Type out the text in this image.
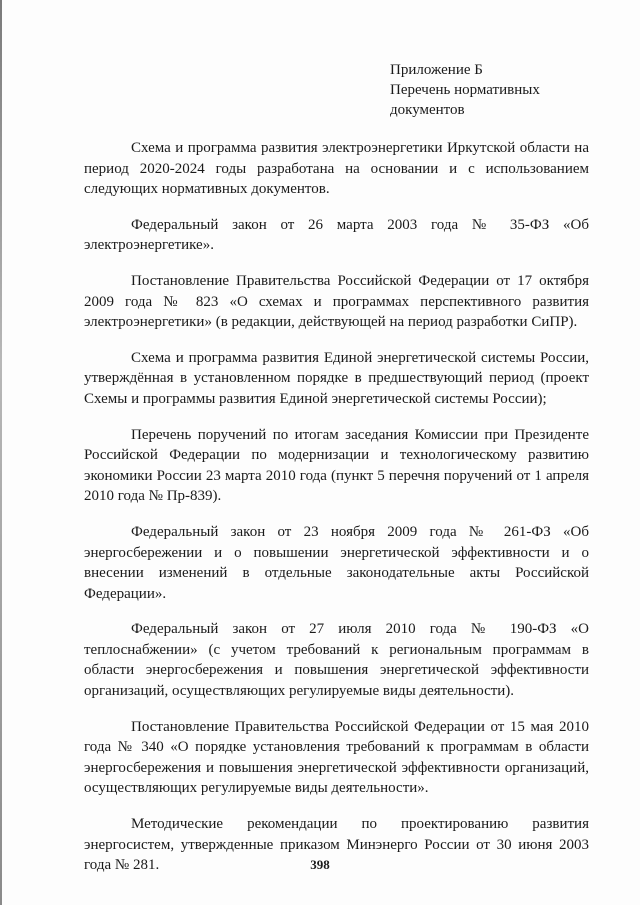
Приложение Б
Перечень нормативных
документов

Схема и программа развития электроэнергетики Иркутской области на период 2020-2024 годы разработана на основании и с использованием следующих нормативных документов.

Федеральный закон от 26 марта 2003 года № 35-ФЗ «Об электроэнергетике».

Постановление Правительства Российской Федерации от 17 октября 2009 года № 823 «О схемах и программах перспективного развития электроэнергетики» (в редакции, действующей на период разработки СиПР).

Схема и программа развития Единой энергетической системы России, утверждённая в установленном порядке в предшествующий период (проект Схемы и программы развития Единой энергетической системы России);

Перечень поручений по итогам заседания Комиссии при Президенте Российской Федерации по модернизации и технологическому развитию экономики России 23 марта 2010 года (пункт 5 перечня поручений от 1 апреля 2010 года № Пр-839).

Федеральный закон от 23 ноября 2009 года № 261-ФЗ «Об энергосбережении и о повышении энергетической эффективности и о внесении изменений в отдельные законодательные акты Российской Федерации».

Федеральный закон от 27 июля 2010 года № 190-ФЗ «О теплоснабжении» (с учетом требований к региональным программам в области энергосбережения и повышения энергетической эффективности организаций, осуществляющих регулируемые виды деятельности).

Постановление Правительства Российской Федерации от 15 мая 2010 года № 340 «О порядке установления требований к программам в области энергосбережения и повышения энергетической эффективности организаций, осуществляющих регулируемые виды деятельности».

Методические рекомендации по проектированию развития энергосистем, утвержденные приказом Минэнерго России от 30 июня 2003 года № 281.	398
